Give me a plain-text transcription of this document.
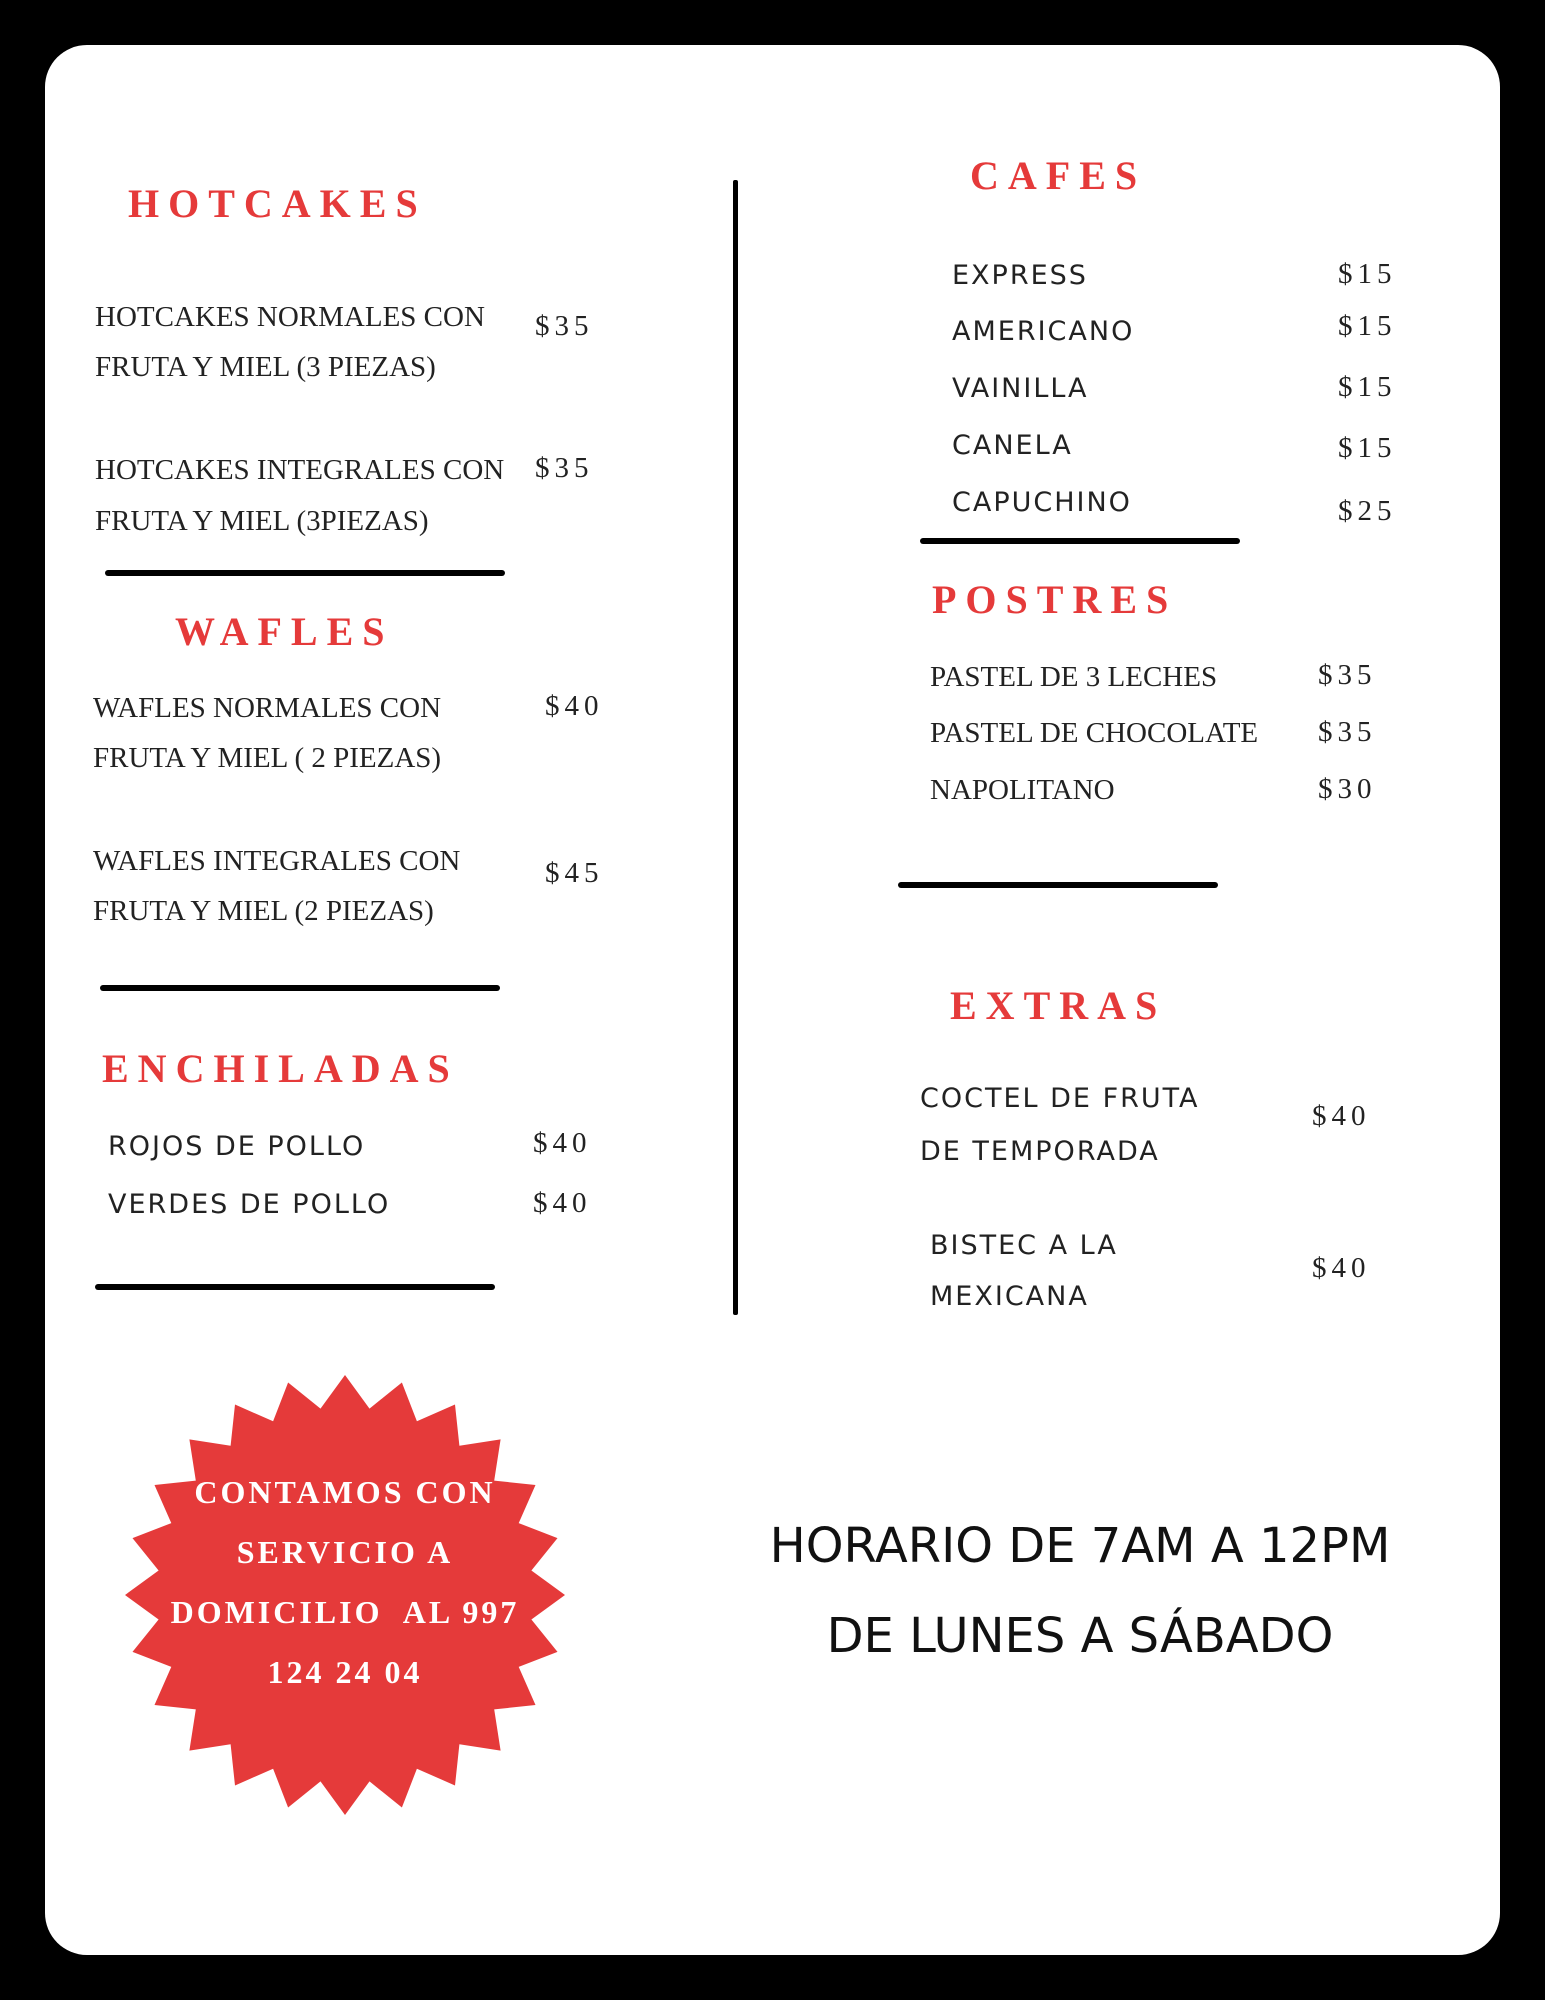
HOTCAKES
HOTCAKES NORMALES CON
FRUTA Y MIEL (3 PIEZAS)
$35
HOTCAKES INTEGRALES CON
FRUTA Y MIEL (3PIEZAS)
$35
WAFLES
WAFLES NORMALES CON
FRUTA Y MIEL ( 2 PIEZAS)
$40
WAFLES INTEGRALES CON
FRUTA Y MIEL (2 PIEZAS)
$45
ENCHILADAS
ROJOS DE POLLO	$40
VERDES DE POLLO	$40
CAFES
EXPRESS	$15
AMERICANO	$15
VAINILLA	$15
CANELA	$15
CAPUCHINO	$25
POSTRES
PASTEL DE 3 LECHES	$35
PASTEL DE CHOCOLATE $35
NAPOLITANO	$30
EXTRAS
COCTEL DE FRUTA
DE TEMPORADA
$40
BISTEC A LA
MEXICANA
$40
CONTAMOS CON
SERVICIO A
DOMICILIO  AL 997
124 24 04
HORARIO DE 7AM A 12PM
DE LUNES A SÁBADO
